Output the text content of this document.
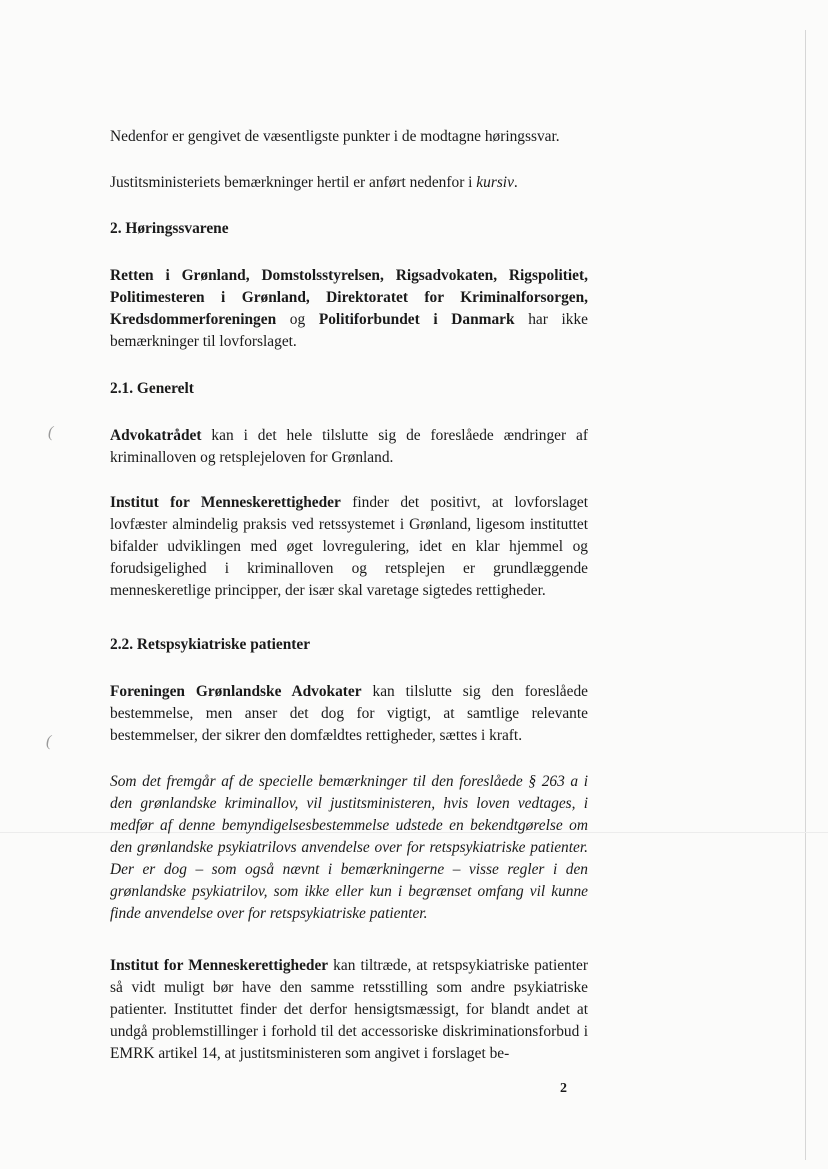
(
(

Nedenfor er gengivet de væsentligste punkter i de modtagne høringssvar.

Justitsministeriets bemærkninger hertil er anført nedenfor i kursiv.

2. Høringssvarene

Retten i Grønland, Domstolsstyrelsen, Rigsadvokaten, Rigspolitiet, Politimesteren i Grønland, Direktoratet for Kriminalforsorgen, Kredsdommerforeningen og Politiforbundet i Danmark har ikke bemærkninger til lovforslaget.

2.1. Generelt

Advokatrådet kan i det hele tilslutte sig de foreslåede ændringer af kriminalloven og retsplejeloven for Grønland.

Institut for Menneskerettigheder finder det positivt, at lovforslaget lovfæster almindelig praksis ved retssystemet i Grønland, ligesom instituttet bifalder udviklingen med øget lovregulering, idet en klar hjemmel og forudsigelighed i kriminalloven og retsplejen er grundlæggende menneskeretlige principper, der især skal varetage sigtedes rettigheder.

2.2. Retspsykiatriske patienter

Foreningen Grønlandske Advokater kan tilslutte sig den foreslåede bestemmelse, men anser det dog for vigtigt, at samtlige relevante bestemmelser, der sikrer den domfældtes rettigheder, sættes i kraft.

Som det fremgår af de specielle bemærkninger til den foreslåede § 263 a i den grønlandske kriminallov, vil justitsministeren, hvis loven vedtages, i medfør af denne bemyndigelsesbestemmelse udstede en bekendtgørelse om den grønlandske psykiatrilovs anvendelse over for retspsykiatriske patienter. Der er dog – som også nævnt i bemærkningerne – visse regler i den grønlandske psykiatrilov, som ikke eller kun i begrænset omfang vil kunne finde anvendelse over for retspsykiatriske patienter.

Institut for Menneskerettigheder kan tiltræde, at retspsykiatriske patienter så vidt muligt bør have den samme retsstilling som andre psykiatriske patienter. Instituttet finder det derfor hensigtsmæssigt, for blandt andet at undgå problemstillinger i forhold til det accessoriske diskriminationsforbud i EMRK artikel 14, at justitsministeren som angivet i forslaget be-

2
